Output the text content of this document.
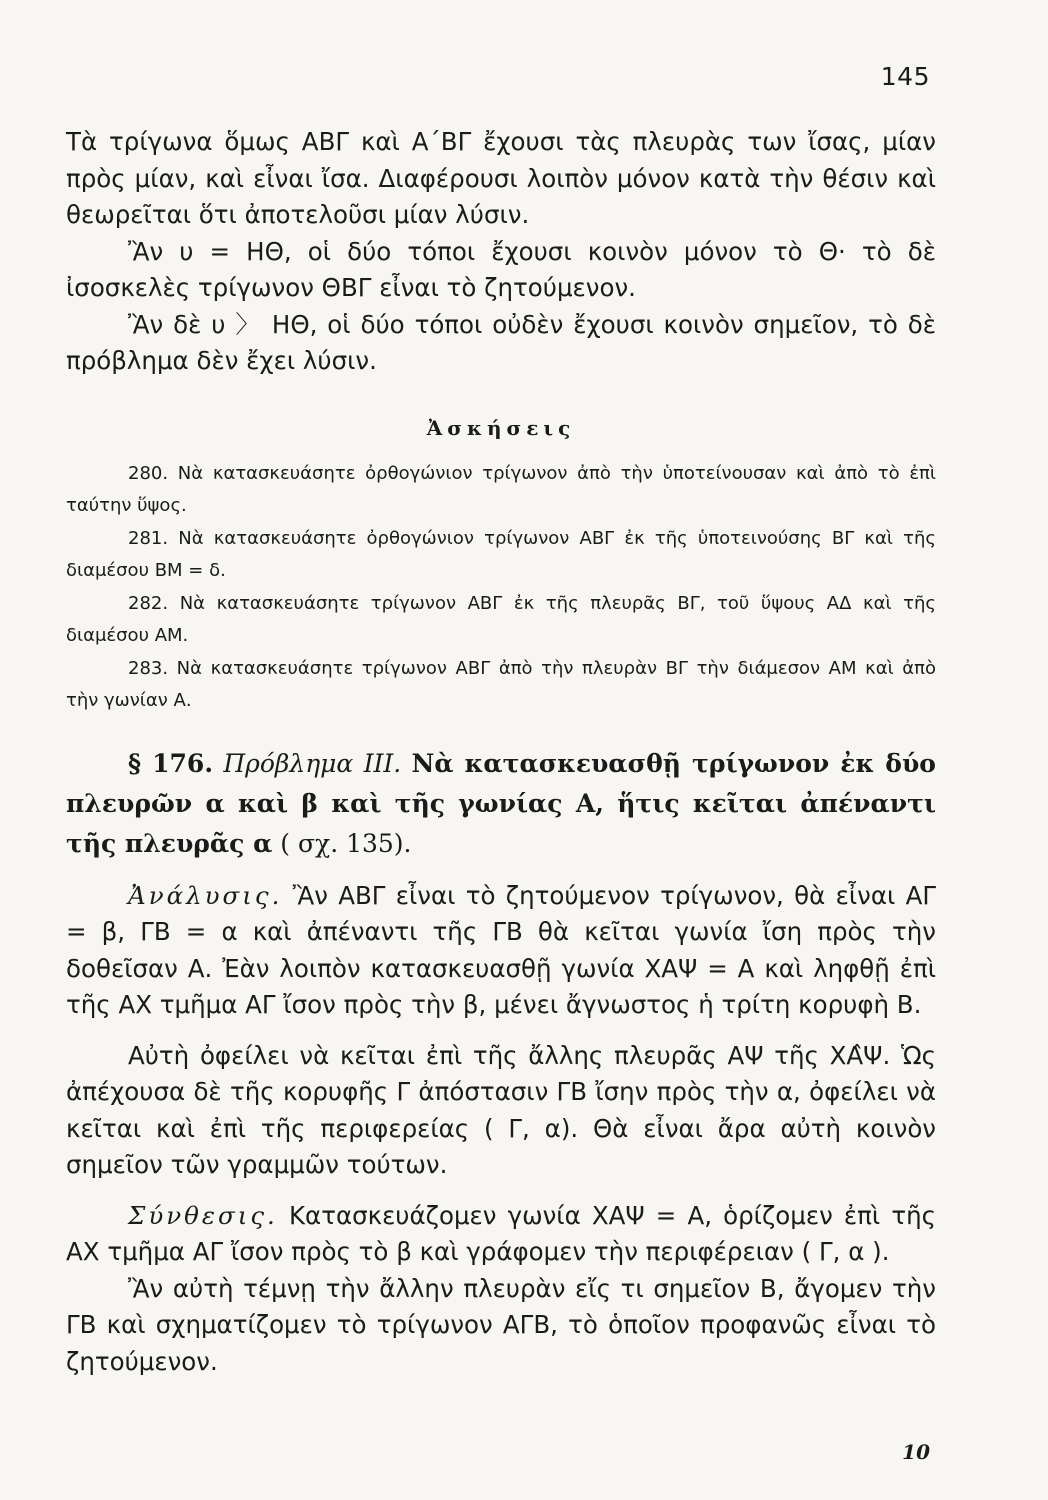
145

Τὰ τρίγωνα ὅμως ΑΒΓ καὶ Α΄ΒΓ ἔχουσι τὰς πλευρὰς των ἴσας, μίαν πρὸς μίαν, καὶ εἶναι ἴσα. Διαφέρουσι λοιπὸν μόνον κατὰ τὴν θέσιν καὶ θεωρεῖται ὅτι ἀποτελοῦσι μίαν λύσιν.

Ἂν υ = ΗΘ, οἱ δύο τόποι ἔχουσι κοινὸν μόνον τὸ Θ· τὸ δὲ ἰσοσκελὲς τρίγωνον ΘΒΓ εἶναι τὸ ζητούμενον.

Ἂν δὲ υ 〉 ΗΘ, οἱ δύο τόποι οὐδὲν ἔχουσι κοινὸν σημεῖον, τὸ δὲ πρόβλημα δὲν ἔχει λύσιν.

Ἀσκήσεις

280. Νὰ κατασκευάσητε ὀρθογώνιον τρίγωνον ἀπὸ τὴν ὑποτείνουσαν καὶ ἀπὸ τὸ ἐπὶ ταύτην ὕψος.

281. Νὰ κατασκευάσητε ὀρθογώνιον τρίγωνον ΑΒΓ ἐκ τῆς ὑποτεινούσης ΒΓ καὶ τῆς διαμέσου ΒΜ = δ.

282. Νὰ κατασκευάσητε τρίγωνον ΑΒΓ ἐκ τῆς πλευρᾶς ΒΓ, τοῦ ὕψους ΑΔ καὶ τῆς διαμέσου ΑΜ.

283. Νὰ κατασκευάσητε τρίγωνον ΑΒΓ ἀπὸ τὴν πλευρὰν ΒΓ τὴν διάμεσον ΑΜ καὶ ἀπὸ τὴν γωνίαν Α.

§ 176. Πρόβλημα ΙΙΙ. Νὰ κατασκευασθῇ τρίγωνον ἐκ δύο πλευρῶν α καὶ β καὶ τῆς γωνίας Α, ἥτις κεῖται ἀπέναντι τῆς πλευρᾶς α ( σχ. 135).

Ἀνάλυσις. Ἂν ΑΒΓ εἶναι τὸ ζητούμενον τρίγωνον, θὰ εἶναι ΑΓ = β, ΓΒ = α καὶ ἀπέναντι τῆς ΓΒ θὰ κεῖται γωνία ἴση πρὸς τὴν δοθεῖσαν Α. Ἐὰν λοιπὸν κατασκευασθῇ γωνία ΧΑΨ = Α καὶ ληφθῇ ἐπὶ τῆς ΑΧ τμῆμα ΑΓ ἴσον πρὸς τὴν β, μένει ἄγνωστος ἡ τρίτη κορυφὴ Β.

Αὐτὴ ὀφείλει νὰ κεῖται ἐπὶ τῆς ἄλλης πλευρᾶς ΑΨ τῆς ΧΑ̂Ψ. Ὡς ἀπέχουσα δὲ τῆς κορυφῆς Γ ἀπόστασιν ΓΒ ἴσην πρὸς τὴν α, ὀφείλει νὰ κεῖται καὶ ἐπὶ τῆς περιφερείας ( Γ, α). Θὰ εἶναι ἄρα αὐτὴ κοινὸν σημεῖον τῶν γραμμῶν τούτων.

Σύνθεσις. Κατασκευάζομεν γωνία ΧΑΨ = Α, ὁρίζομεν ἐπὶ τῆς ΑΧ τμῆμα ΑΓ ἴσον πρὸς τὸ β καὶ γράφομεν τὴν περιφέρειαν ( Γ, α ).

Ἂν αὐτὴ τέμνῃ τὴν ἄλλην πλευρὰν εἴς τι σημεῖον Β, ἄγομεν τὴν ΓΒ καὶ σχηματίζομεν τὸ τρίγωνον ΑΓΒ, τὸ ὁποῖον προφανῶς εἶναι τὸ ζητούμενον.

10
